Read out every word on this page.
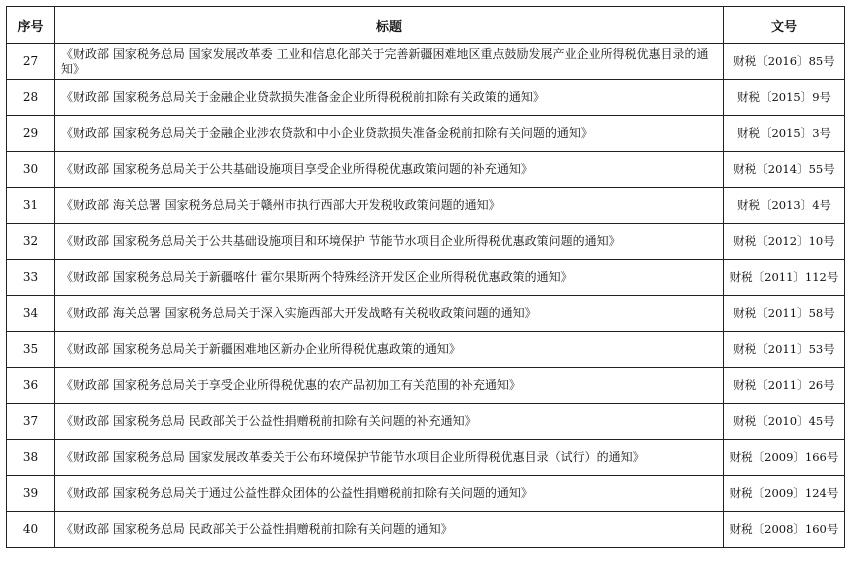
序号	标题	文号
27	《财政部 国家税务总局 国家发展改革委 工业和信息化部关于完善新疆困难地区重点鼓励发展产业企业所得税优惠目录的通知》	财税〔2016〕85号
28	《财政部 国家税务总局关于金融企业贷款损失准备金企业所得税税前扣除有关政策的通知》	财税〔2015〕9号
29	《财政部 国家税务总局关于金融企业涉农贷款和中小企业贷款损失准备金税前扣除有关问题的通知》	财税〔2015〕3号
30	《财政部 国家税务总局关于公共基础设施项目享受企业所得税优惠政策问题的补充通知》	财税〔2014〕55号
31	《财政部 海关总署 国家税务总局关于赣州市执行西部大开发税收政策问题的通知》	财税〔2013〕4号
32	《财政部 国家税务总局关于公共基础设施项目和环境保护 节能节水项目企业所得税优惠政策问题的通知》	财税〔2012〕10号
33	《财政部 国家税务总局关于新疆喀什 霍尔果斯两个特殊经济开发区企业所得税优惠政策的通知》	财税〔2011〕112号
34	《财政部 海关总署 国家税务总局关于深入实施西部大开发战略有关税收政策问题的通知》	财税〔2011〕58号
35	《财政部 国家税务总局关于新疆困难地区新办企业所得税优惠政策的通知》	财税〔2011〕53号
36	《财政部 国家税务总局关于享受企业所得税优惠的农产品初加工有关范围的补充通知》	财税〔2011〕26号
37	《财政部 国家税务总局 民政部关于公益性捐赠税前扣除有关问题的补充通知》	财税〔2010〕45号
38	《财政部 国家税务总局 国家发展改革委关于公布环境保护节能节水项目企业所得税优惠目录（试行）的通知》	财税〔2009〕166号
39	《财政部 国家税务总局关于通过公益性群众团体的公益性捐赠税前扣除有关问题的通知》	财税〔2009〕124号
40	《财政部 国家税务总局 民政部关于公益性捐赠税前扣除有关问题的通知》	财税〔2008〕160号
